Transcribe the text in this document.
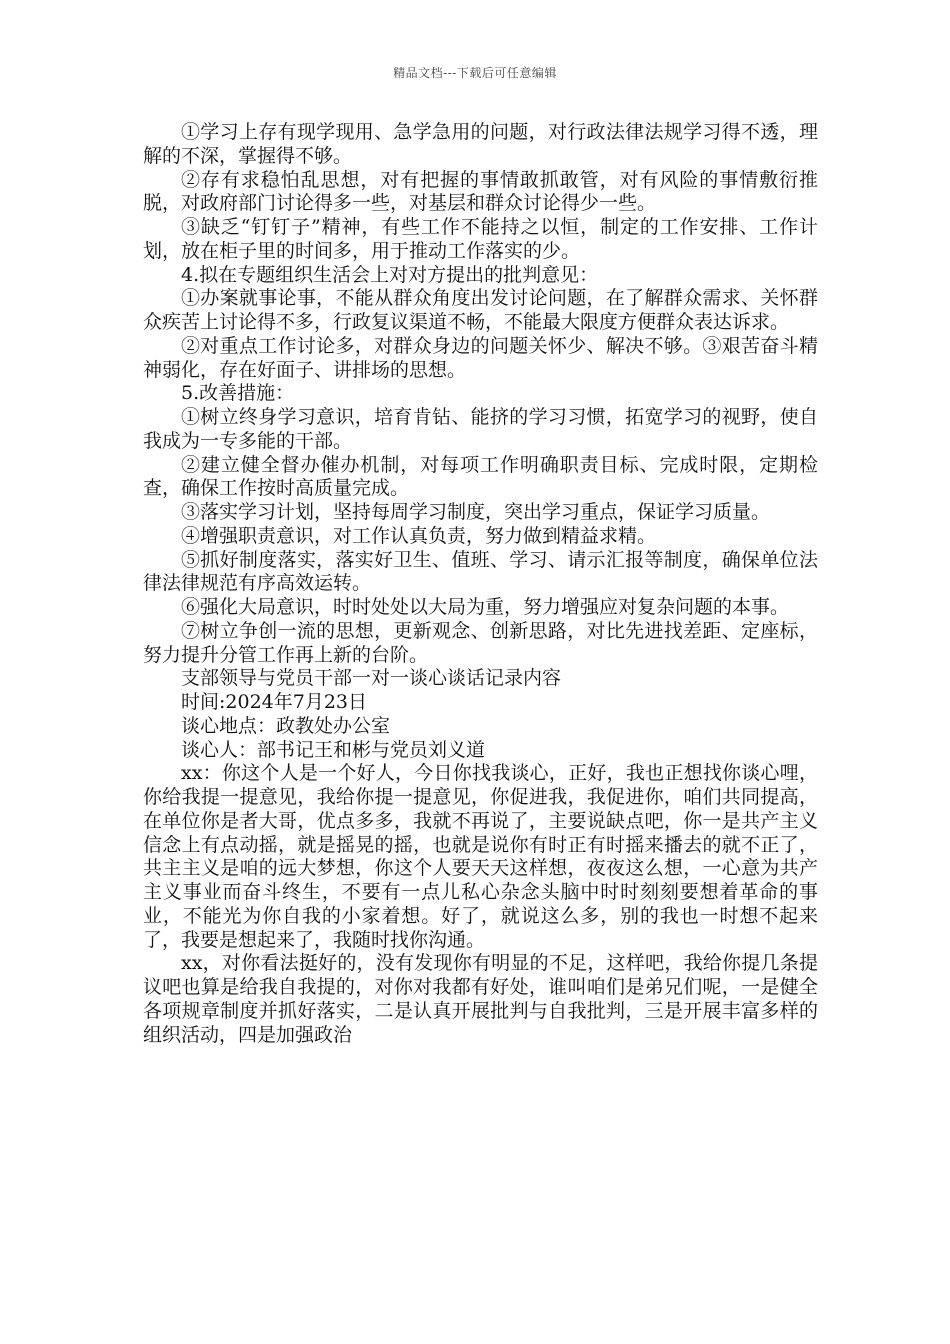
精品文档---下载后可任意编辑

①学习上存有现学现用、急学急用的问题，对行政法律法规学习得不透，理解的不深，掌握得不够。

②存有求稳怕乱思想，对有把握的事情敢抓敢管，对有风险的事情敷衍推脱，对政府部门讨论得多一些，对基层和群众讨论得少一些。

③缺乏“钉钉子”精神，有些工作不能持之以恒，制定的工作安排、工作计划，放在柜子里的时间多，用于推动工作落实的少。

4.拟在专题组织生活会上对对方提出的批判意见：

①办案就事论事，不能从群众角度出发讨论问题，在了解群众需求、关怀群众疾苦上讨论得不多，行政复议渠道不畅，不能最大限度方便群众表达诉求。

②对重点工作讨论多，对群众身边的问题关怀少、解决不够。③艰苦奋斗精神弱化，存在好面子、讲排场的思想。

5.改善措施：

①树立终身学习意识，培育肯钻、能挤的学习习惯，拓宽学习的视野，使自我成为一专多能的干部。

②建立健全督办催办机制，对每项工作明确职责目标、完成时限，定期检查，确保工作按时高质量完成。

③落实学习计划，坚持每周学习制度，突出学习重点，保证学习质量。

④增强职责意识，对工作认真负责，努力做到精益求精。

⑤抓好制度落实，落实好卫生、值班、学习、请示汇报等制度，确保单位法律法律规范有序高效运转。

⑥强化大局意识，时时处处以大局为重，努力增强应对复杂问题的本事。

⑦树立争创一流的思想，更新观念、创新思路，对比先进找差距、定座标，努力提升分管工作再上新的台阶。

支部领导与党员干部一对一谈心谈话记录内容

时间:2024年7月23日

谈心地点：政教处办公室

谈心人：部书记王和彬与党员刘义道

xx：你这个人是一个好人，今日你找我谈心，正好，我也正想找你谈心哩，你给我提一提意见，我给你提一提意见，你促进我，我促进你，咱们共同提高，在单位你是者大哥，优点多多，我就不再说了，主要说缺点吧，你一是共产主义信念上有点动摇，就是摇晃的摇，也就是说你有时正有时摇来播去的就不正了，共主主义是咱的远大梦想，你这个人要天天这样想，夜夜这么想，一心意为共产主义事业而奋斗终生，不要有一点儿私心杂念头脑中时时刻刻要想着革命的事业，不能光为你自我的小家着想。好了，就说这么多，别的我也一时想不起来了，我要是想起来了，我随时找你沟通。

xx，对你看法挺好的，没有发现你有明显的不足，这样吧，我给你提几条提议吧也算是给我自我提的，对你对我都有好处，谁叫咱们是弟兄们呢，一是健全各项规章制度并抓好落实，二是认真开展批判与自我批判，三是开展丰富多样的组织活动，四是加强政治
